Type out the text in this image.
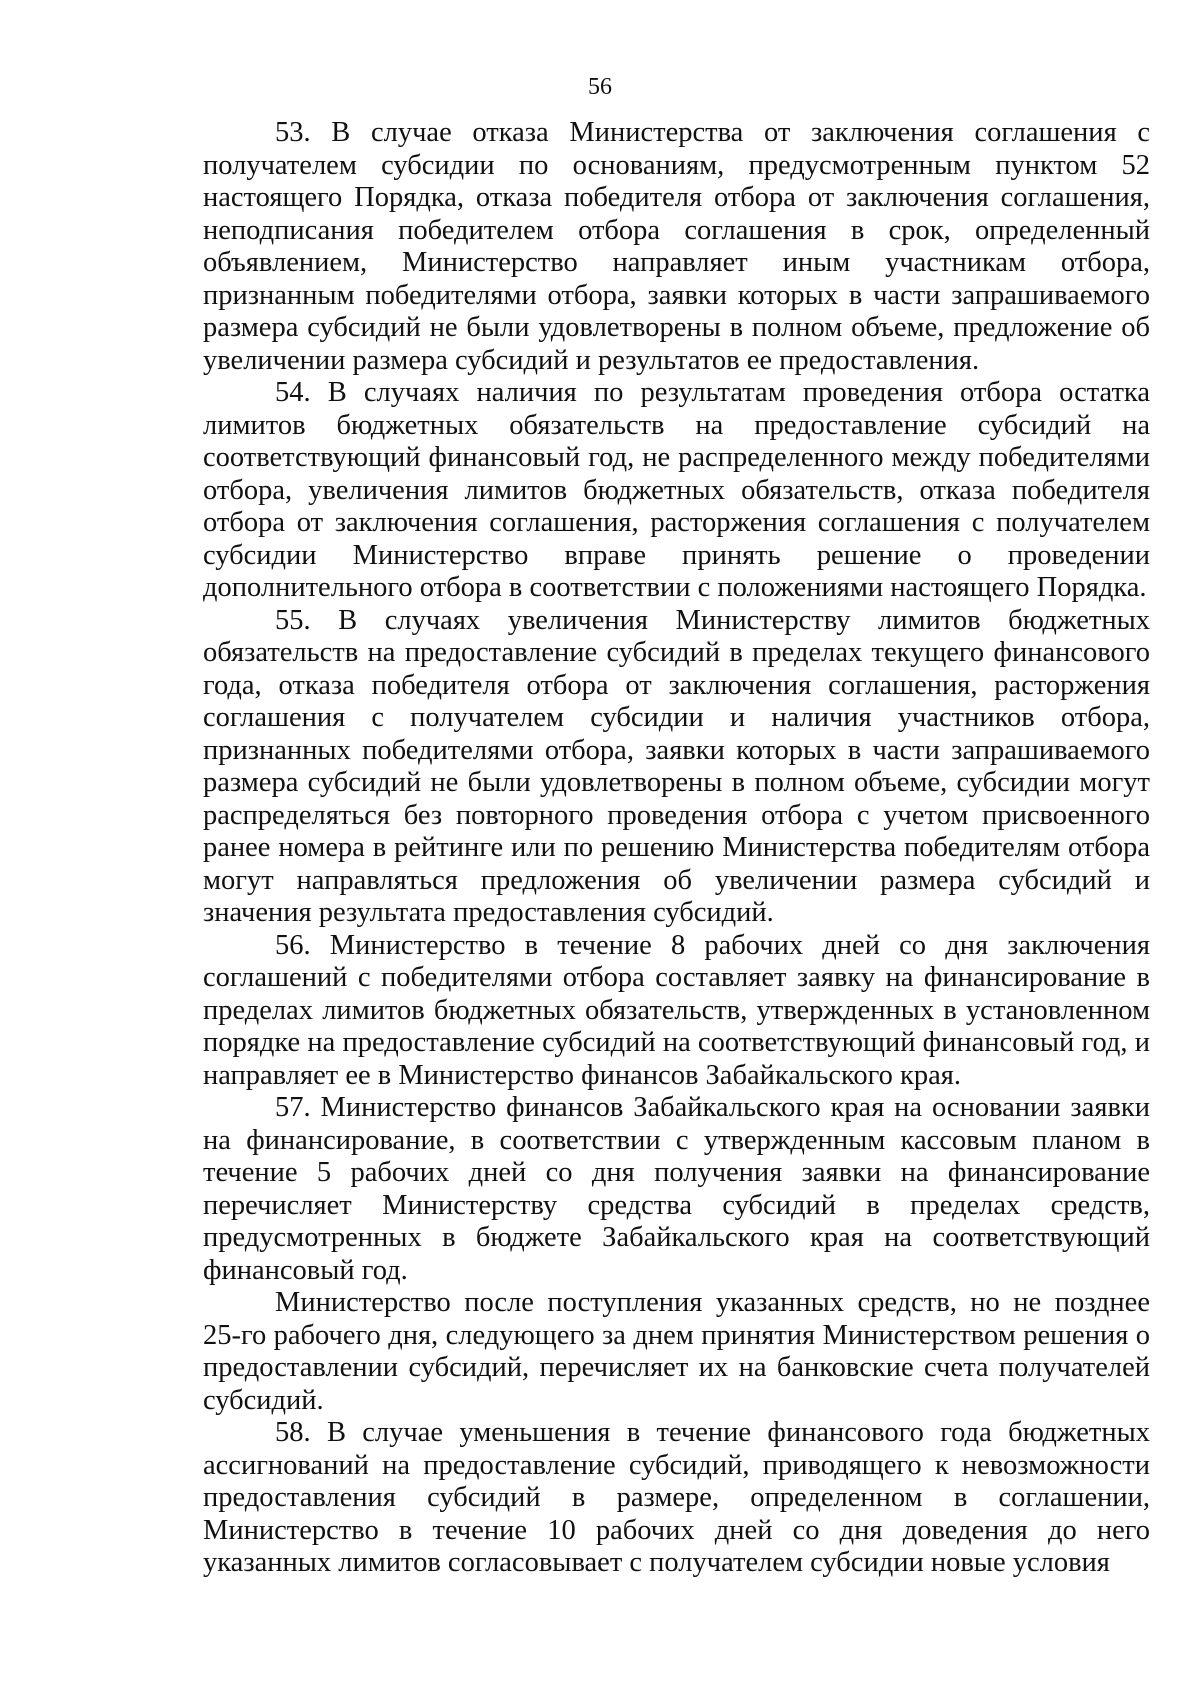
56

53. В случае отказа Министерства от заключения соглашения с получателем субсидии по основаниям, предусмотренным пунктом 52 настоящего Порядка, отказа победителя отбора от заключения соглашения, неподписания победителем отбора соглашения в срок, определенный объявлением, Министерство направляет иным участникам отбора, признанным победителями отбора, заявки которых в части запрашиваемого размера субсидий не были удовлетворены в полном объеме, предложение об увеличении размера субсидий и результатов ее предоставления.

54. В случаях наличия по результатам проведения отбора остатка лимитов бюджетных обязательств на предоставление субсидий на соответствующий финансовый год, не распределенного между победителями отбора, увеличения лимитов бюджетных обязательств, отказа победителя отбора от заключения соглашения, расторжения соглашения с получателем субсидии Министерство вправе принять решение о проведении дополнительного отбора в соответствии с положениями настоящего Порядка.

55. В случаях увеличения Министерству лимитов бюджетных обязательств на предоставление субсидий в пределах текущего финансового года, отказа победителя отбора от заключения соглашения, расторжения соглашения с получателем субсидии и наличия участников отбора, признанных победителями отбора, заявки которых в части запрашиваемого размера субсидий не были удовлетворены в полном объеме, субсидии могут распределяться без повторного проведения отбора с учетом присвоенного ранее номера в рейтинге или по решению Министерства победителям отбора могут направляться предложения об увеличении размера субсидий и значения результата предоставления субсидий.

56. Министерство в течение 8 рабочих дней со дня заключения соглашений с победителями отбора составляет заявку на финансирование в пределах лимитов бюджетных обязательств, утвержденных в установленном порядке на предоставление субсидий на соответствующий финансовый год, и направляет ее в Министерство финансов Забайкальского края.

57. Министерство финансов Забайкальского края на основании заявки на финансирование, в соответствии с утвержденным кассовым планом в течение 5 рабочих дней со дня получения заявки на финансирование перечисляет Министерству средства субсидий в пределах средств, предусмотренных в бюджете Забайкальского края на соответствующий финансовый год.

Министерство после поступления указанных средств, но не позднее 25-го рабочего дня, следующего за днем принятия Министерством решения о предоставлении субсидий, перечисляет их на банковские счета получателей субсидий.

58. В случае уменьшения в течение финансового года бюджетных ассигнований на предоставление субсидий, приводящего к невозможности предоставления субсидий в размере, определенном в соглашении, Министерство в течение 10 рабочих дней со дня доведения до него указанных лимитов согласовывает с получателем субсидии новые условия
